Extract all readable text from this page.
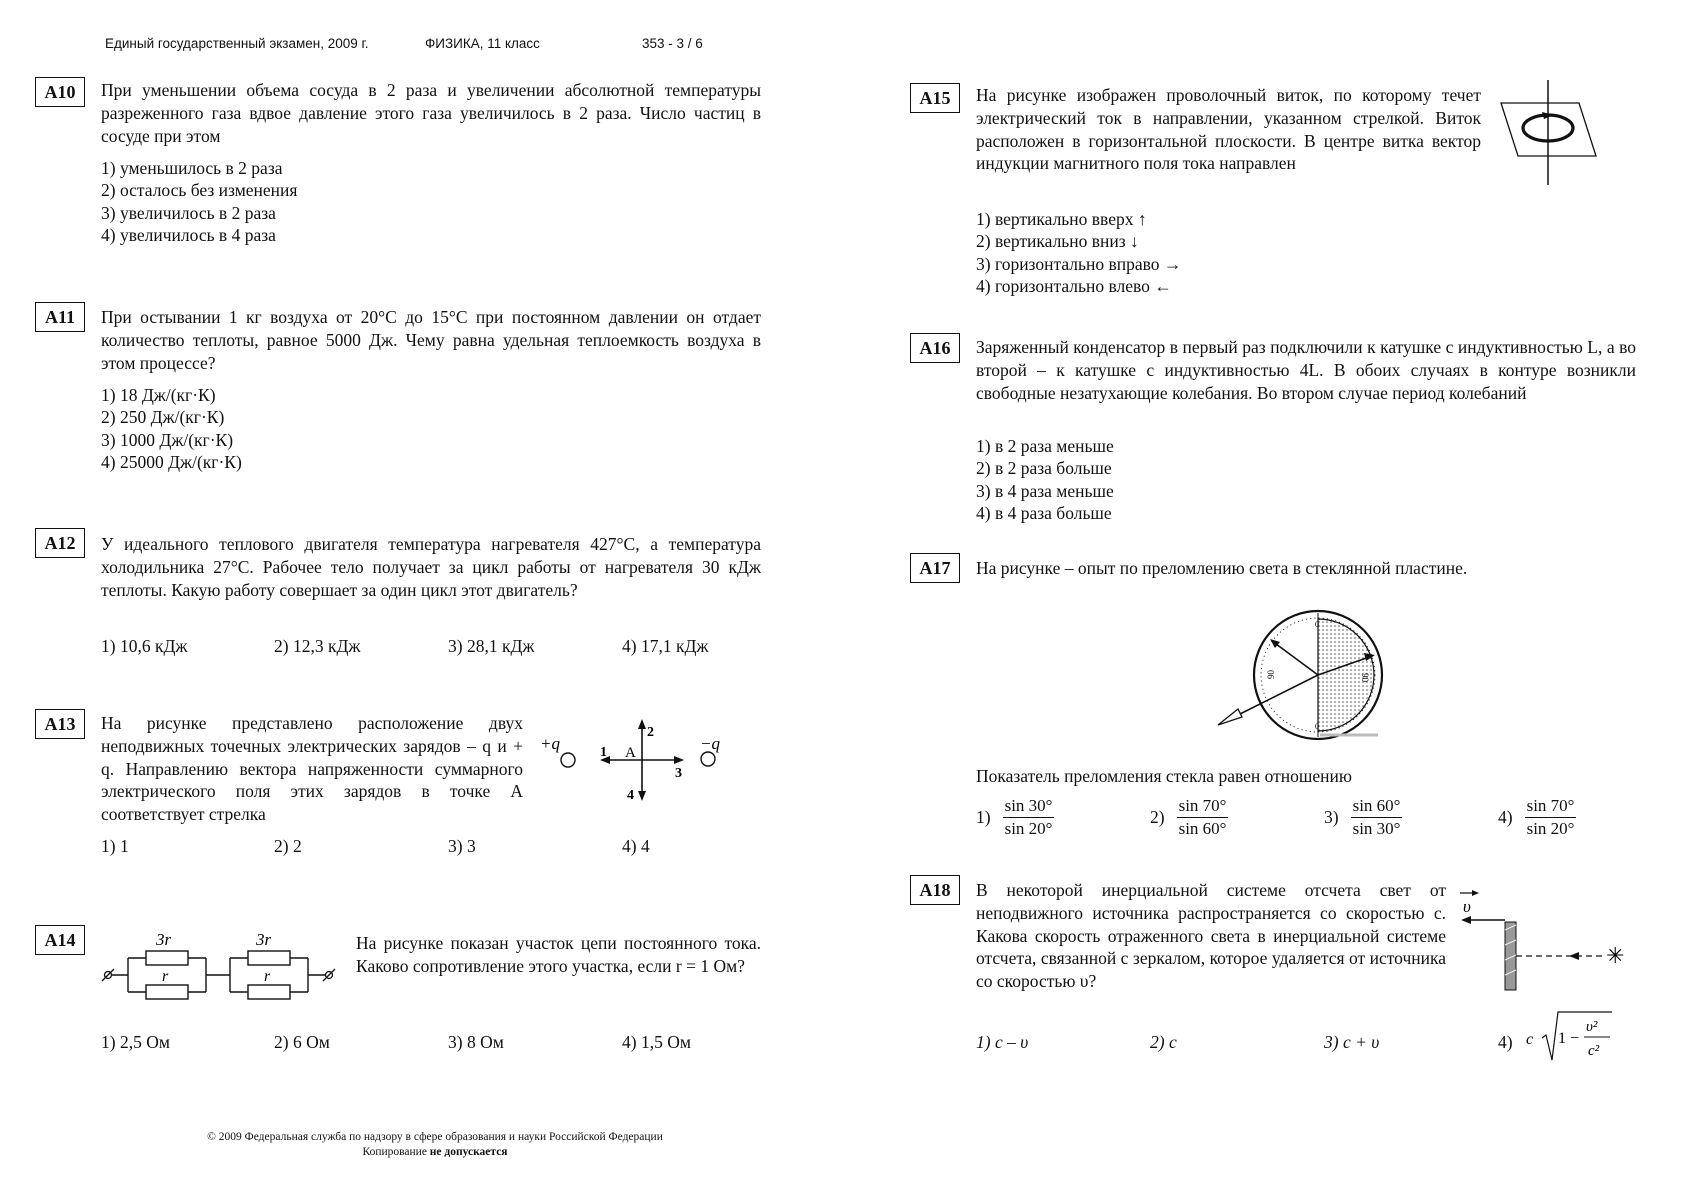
Единый государственный экзамен, 2009 г.	ФИЗИКА, 11 класс	353 - 3 / 6
A10	При уменьшении объема сосуда в 2 раза и увеличении абсолютной температуры разреженного газа вдвое давление этого газа увеличилось в 2 раза. Число частиц в сосуде при этом
1) уменьшилось в 2 раза
2) осталось без изменения
3) увеличилось в 2 раза
4) увеличилось в 4 раза
A11	При остывании 1 кг воздуха от 20°С до 15°С при постоянном давлении он отдает количество теплоты, равное 5000 Дж. Чему равна удельная теплоемкость воздуха в этом процессе?
1) 18 Дж/(кг·К)
2) 250 Дж/(кг·К)
3) 1000 Дж/(кг·К)
4) 25000 Дж/(кг·К)
A12	У идеального теплового двигателя температура нагревателя 427°С, а температура холодильника 27°С. Рабочее тело получает за цикл работы от нагревателя 30 кДж теплоты. Какую работу совершает за один цикл этот двигатель?
1) 10,6 кДж	2) 12,3 кДж	3) 28,1 кДж	4) 17,1 кДж
A13	На рисунке представлено расположение двух неподвижных точечных электрических зарядов – q и + q. Направлению вектора напряженности суммарного электрического поля этих зарядов в точке А соответствует стрелка
+q	−q
1
2
3
4
A
1) 1	2) 2	3) 3	4) 4
A14	3r
r
3r
r
На рисунке показан участок цепи постоянного тока. Каково сопротивление этого участка, если r = 1 Ом?
1) 2,5 Ом	2) 6 Ом	3) 8 Ом	4) 1,5 Ом
© 2009 Федеральная служба по надзору в сфере образования и науки Российской Федерации
Копирование не допускается
A15	На рисунке изображен проволочный виток, по которому течет электрический ток в направлении, указанном стрелкой. Виток расположен в горизонтальной плоскости. В центре витка вектор индукции магнитного поля тока направлен
1) вертикально вверх ↑
2) вертикально вниз ↓
3) горизонтально вправо →
4) горизонтально влево ←
A16	Заряженный конденсатор в первый раз подключили к катушке с индуктивностью L, а во второй – к катушке с индуктивностью 4L. В обоих случаях в контуре возникли свободные незатухающие колебания. Во втором случае период колебаний
1) в 2 раза меньше
2) в 2 раза больше
3) в 4 раза меньше
4) в 4 раза больше
A17	На рисунке – опыт по преломлению света в стеклянной пластине.
90	90
0
0
Показатель преломления стекла равен отношению
$1) \frac{\sin 30^\circ}{\sin 20^\circ}$	$2) \frac{\sin 70^\circ}{\sin 60^\circ}$	$3) \frac{\sin 60^\circ}{\sin 30^\circ}$	$4) \frac{\sin 70^\circ}{\sin 20^\circ}$
A18	В некоторой инерциальной системе отсчета свет от неподвижного источника распространяется со скоростью c. Какова скорость отраженного света в инерциальной системе отсчета, связанной с зеркалом, которое удаляется от источника со скоростью υ?
υ
✳
1) c – υ	2) c	3) c + υ	4) c 1 −
υ²
c²
